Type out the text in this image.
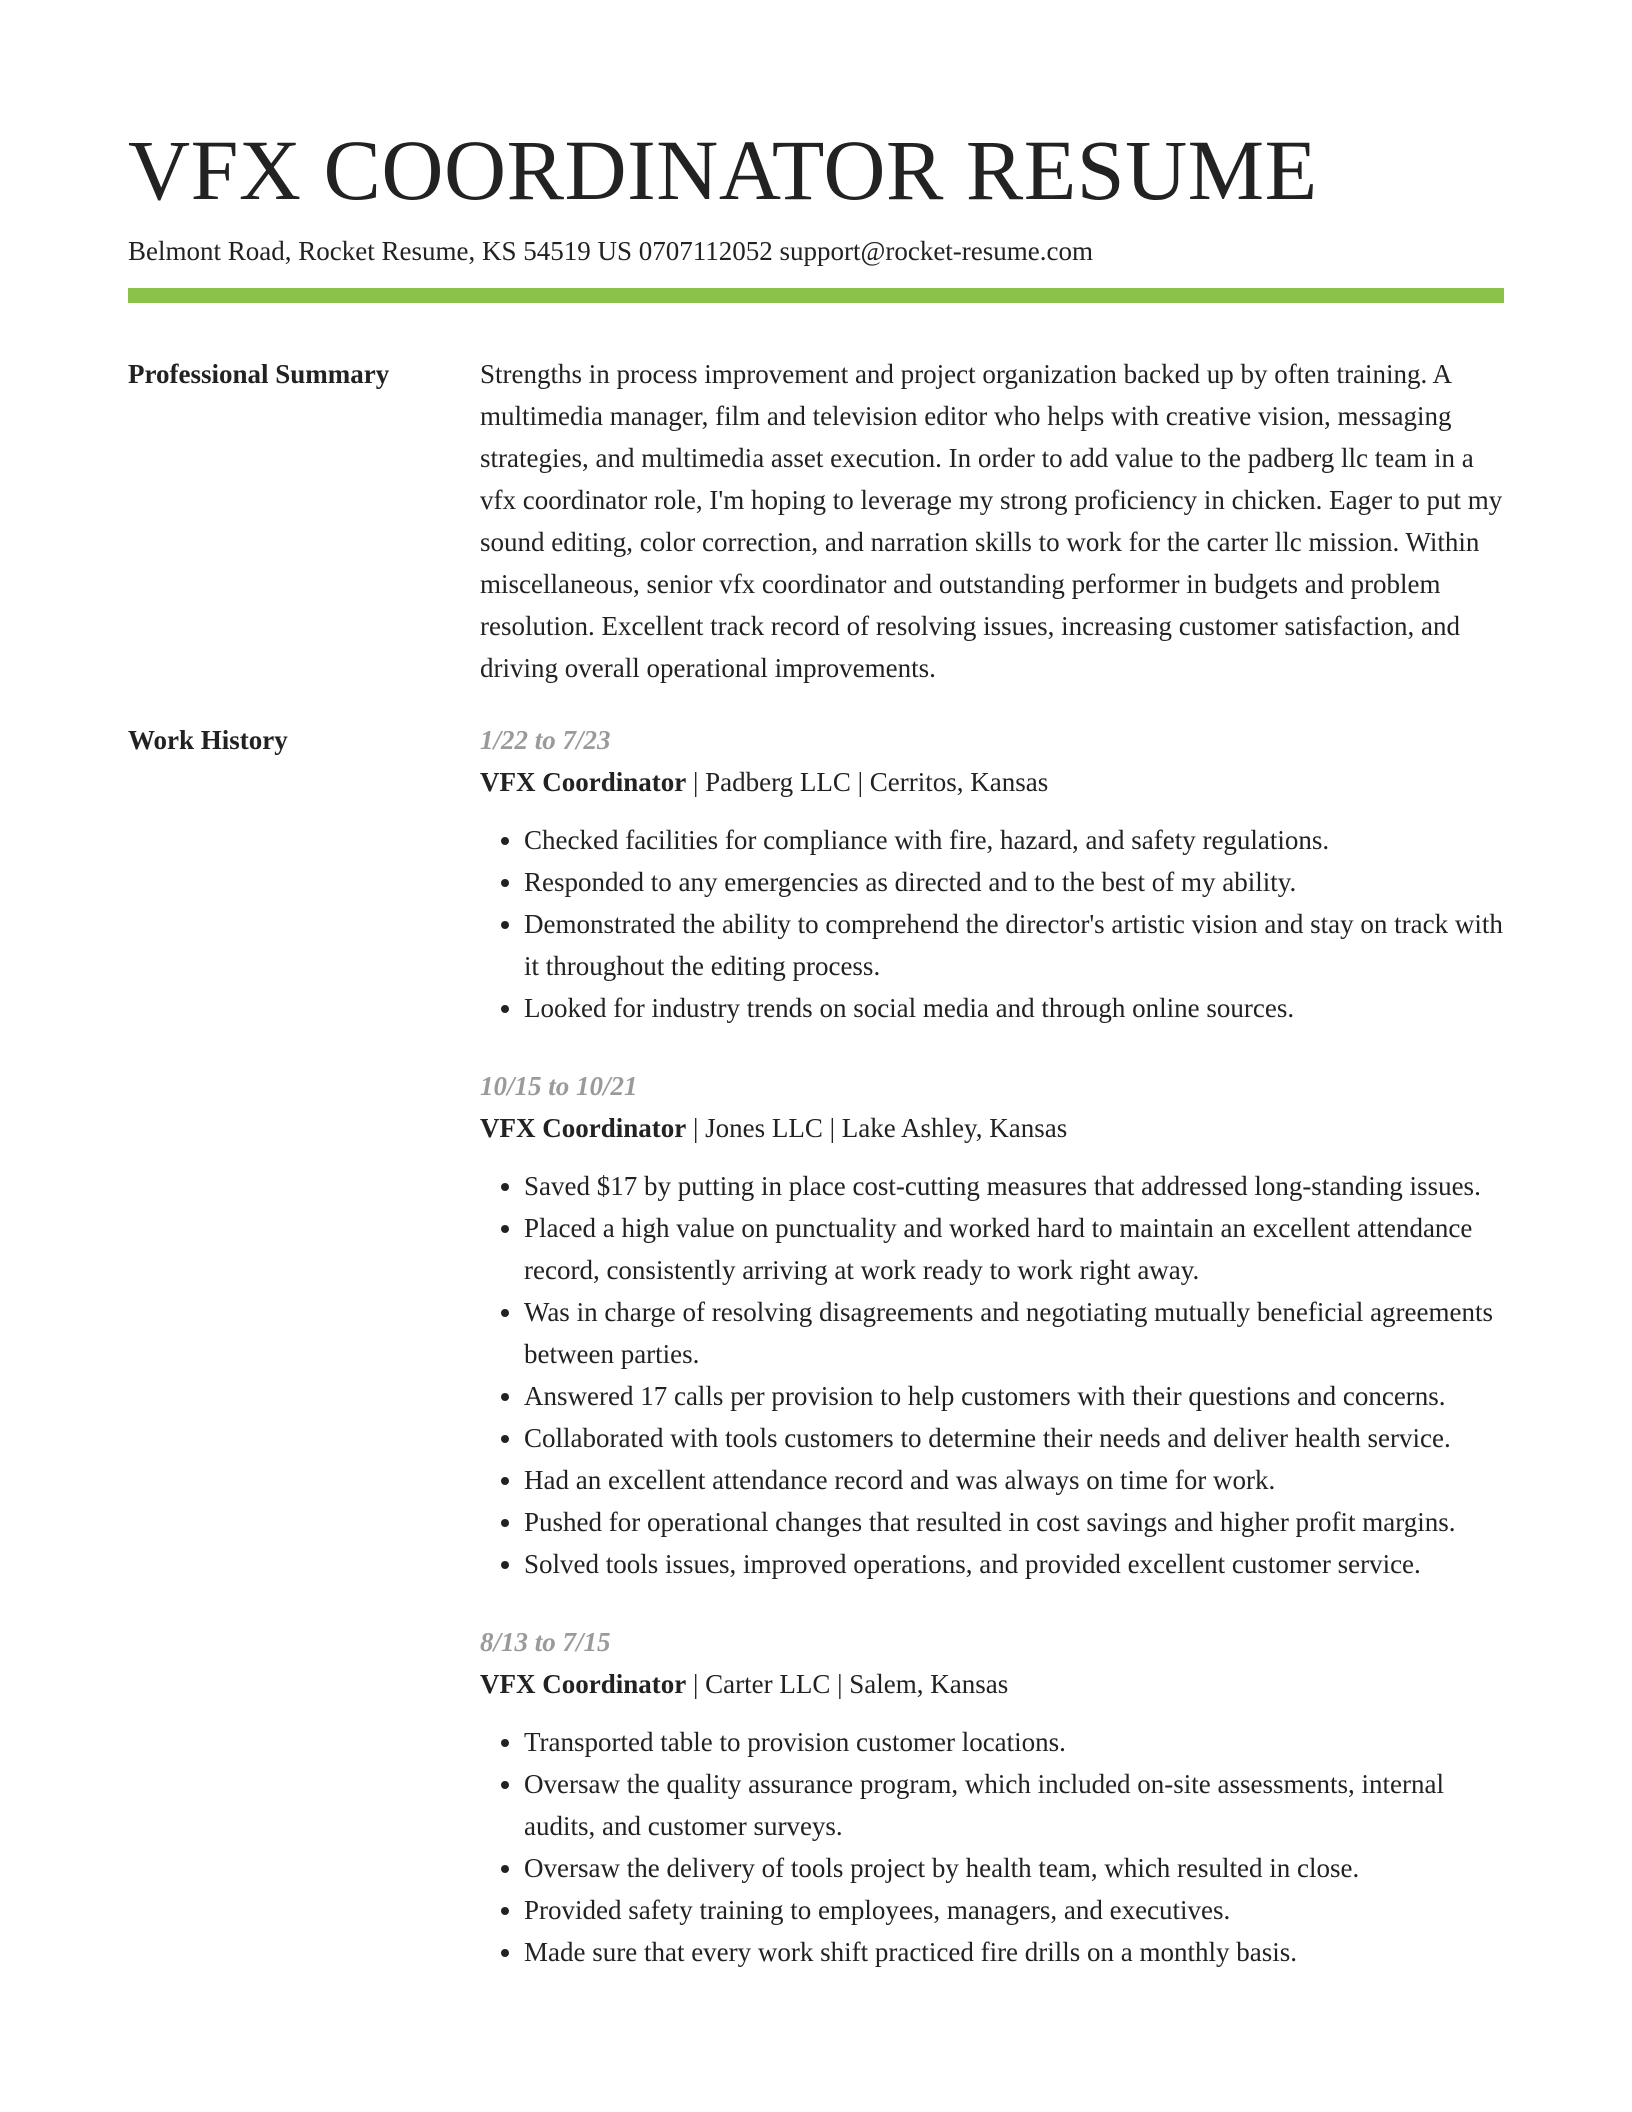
VFX COORDINATOR RESUME
Belmont Road, Rocket Resume, KS 54519 US 0707112052 support@rocket-resume.com
Professional Summary	Strengths in process improvement and project organization backed up by often training. A multimedia manager, film and television editor who helps with creative vision, messaging strategies, and multimedia asset execution. In order to add value to the padberg llc team in a vfx coordinator role, I'm hoping to leverage my strong proficiency in chicken. Eager to put my sound editing, color correction, and narration skills to work for the carter llc mission. Within miscellaneous, senior vfx coordinator and outstanding performer in budgets and problem resolution. Excellent track record of resolving issues, increasing customer satisfaction, and driving overall operational improvements.

Work History	1/22 to 7/23
VFX Coordinator | Padberg LLC | Cerritos, Kansas
• Checked facilities for compliance with fire, hazard, and safety regulations.
• Responded to any emergencies as directed and to the best of my ability.
• Demonstrated the ability to comprehend the director's artistic vision and stay on track with it throughout the editing process.
• Looked for industry trends on social media and through online sources.
10/15 to 10/21
VFX Coordinator | Jones LLC | Lake Ashley, Kansas
• Saved $17 by putting in place cost-cutting measures that addressed long-standing issues.
• Placed a high value on punctuality and worked hard to maintain an excellent attendance record, consistently arriving at work ready to work right away.
• Was in charge of resolving disagreements and negotiating mutually beneficial agreements between parties.
• Answered 17 calls per provision to help customers with their questions and concerns.
• Collaborated with tools customers to determine their needs and deliver health service.
• Had an excellent attendance record and was always on time for work.
• Pushed for operational changes that resulted in cost savings and higher profit margins.
• Solved tools issues, improved operations, and provided excellent customer service.
8/13 to 7/15
VFX Coordinator | Carter LLC | Salem, Kansas
• Transported table to provision customer locations.
• Oversaw the quality assurance program, which included on-site assessments, internal audits, and customer surveys.
• Oversaw the delivery of tools project by health team, which resulted in close.
• Provided safety training to employees, managers, and executives.
• Made sure that every work shift practiced fire drills on a monthly basis.
